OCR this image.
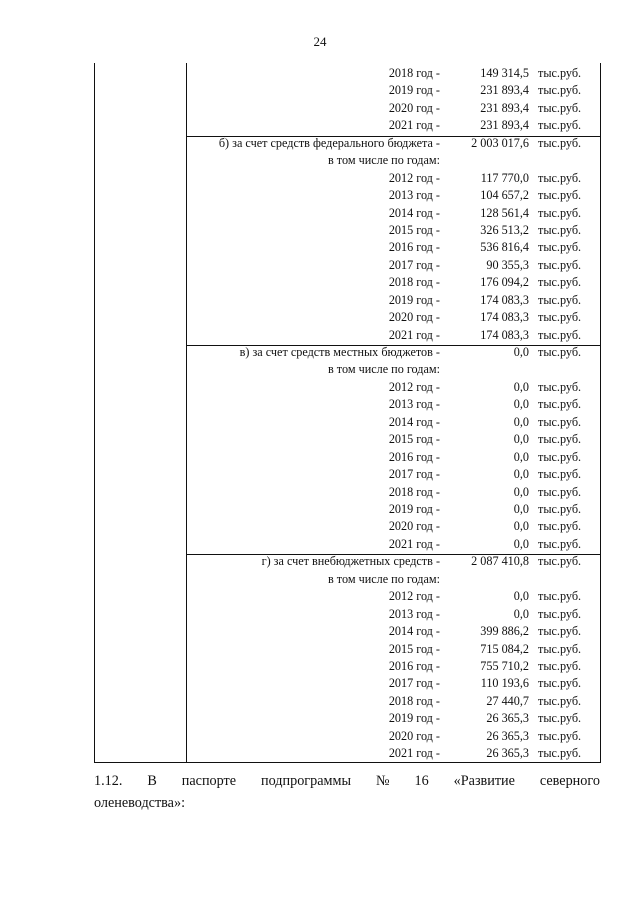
24
2018 год -	149 314,5 тыс.руб.
2019 год -	231 893,4 тыс.руб.
2020 год -	231 893,4 тыс.руб.
2021 год -	231 893,4 тыс.руб.
б) за счет средств федерального бюджета -	2 003 017,6 тыс.руб.
в том числе по годам:
2012 год -	117 770,0 тыс.руб.
2013 год -	104 657,2 тыс.руб.
2014 год -	128 561,4 тыс.руб.
2015 год -	326 513,2 тыс.руб.
2016 год -	536 816,4 тыс.руб.
2017 год -	90 355,3 тыс.руб.
2018 год -	176 094,2 тыс.руб.
2019 год -	174 083,3 тыс.руб.
2020 год -	174 083,3 тыс.руб.
2021 год -	174 083,3 тыс.руб.
в) за счет средств местных бюджетов -	0,0 тыс.руб.
в том числе по годам:
2012 год -	0,0 тыс.руб.
2013 год -	0,0 тыс.руб.
2014 год -	0,0 тыс.руб.
2015 год -	0,0 тыс.руб.
2016 год -	0,0 тыс.руб.
2017 год -	0,0 тыс.руб.
2018 год -	0,0 тыс.руб.
2019 год -	0,0 тыс.руб.
2020 год -	0,0 тыс.руб.
2021 год -	0,0 тыс.руб.
г) за счет внебюджетных средств -	2 087 410,8 тыс.руб.
в том числе по годам:
2012 год -	0,0 тыс.руб.
2013 год -	0,0 тыс.руб.
2014 год -	399 886,2 тыс.руб.
2015 год -	715 084,2 тыс.руб.
2016 год -	755 710,2 тыс.руб.
2017 год -	110 193,6 тыс.руб.
2018 год -	27 440,7 тыс.руб.
2019 год -	26 365,3 тыс.руб.
2020 год -	26 365,3 тыс.руб.
2021 год -	26 365,3 тыс.руб.
1.12. В паспорте подпрограммы № 16 «Развитие северного
оленеводства»:
